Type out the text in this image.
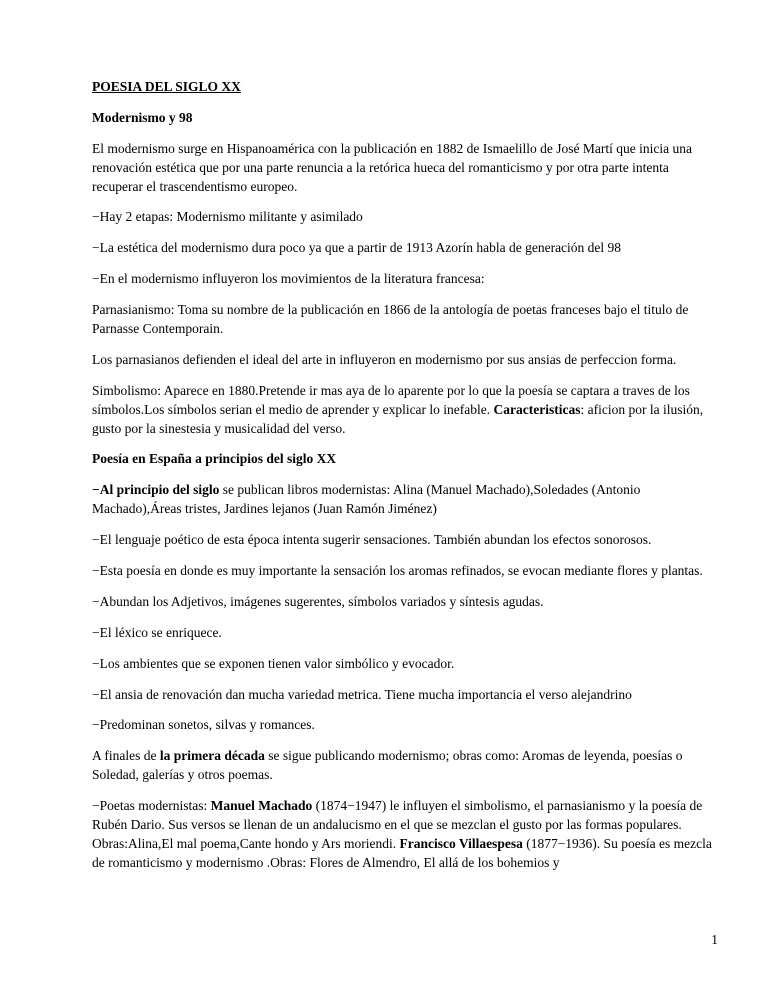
POESIA DEL SIGLO XX

Modernismo y 98

El modernismo surge en Hispanoamérica con la publicación en 1882 de Ismaelillo de José Martí que inicia una renovación estética que por una parte renuncia a la retórica hueca del romanticismo y por otra parte intenta recuperar el trascendentismo europeo.

−Hay 2 etapas: Modernismo militante y asimilado

−La estética del modernismo dura poco ya que a partir de 1913 Azorín habla de generación del 98

−En el modernismo influyeron los movimientos de la literatura francesa:

Parnasianismo: Toma su nombre de la publicación en 1866 de la antología de poetas franceses bajo el titulo de Parnasse Contemporain.

Los parnasianos defienden el ideal del arte in influyeron en modernismo por sus ansias de perfeccion forma.

Simbolismo: Aparece en 1880.Pretende ir mas aya de lo aparente por lo que la poesía se captara a traves de los símbolos.Los símbolos serian el medio de aprender y explicar lo inefable. Caracteristicas: aficion por la ilusión, gusto por la sinestesia y musicalidad del verso.

Poesía en España a principios del siglo XX

−Al principio del siglo se publican libros modernistas: Alina (Manuel Machado),Soledades (Antonio Machado),Áreas tristes, Jardines lejanos (Juan Ramón Jiménez)

−El lenguaje poético de esta época intenta sugerir sensaciones. También abundan los efectos sonorosos.

−Esta poesía en donde es muy importante la sensación los aromas refinados, se evocan mediante flores y plantas.

−Abundan los Adjetivos, imágenes sugerentes, símbolos variados y síntesis agudas.

−El léxico se enriquece.

−Los ambientes que se exponen tienen valor simbólico y evocador.

−El ansia de renovación dan mucha variedad metrica. Tiene mucha importancia el verso alejandrino

−Predominan sonetos, silvas y romances.

A finales de la primera década se sigue publicando modernismo; obras como: Aromas de leyenda, poesías o Soledad, galerías y otros poemas.

−Poetas modernistas: Manuel Machado (1874−1947) le influyen el simbolismo, el parnasianismo y la poesía de Rubén Dario. Sus versos se llenan de un andalucismo en el que se mezclan el gusto por las formas populares. Obras:Alina,El mal poema,Cante hondo y Ars moriendi. Francisco Villaespesa (1877−1936). Su poesía es mezcla de romanticismo y modernismo .Obras: Flores de Almendro, El allá de los bohemios y

1
